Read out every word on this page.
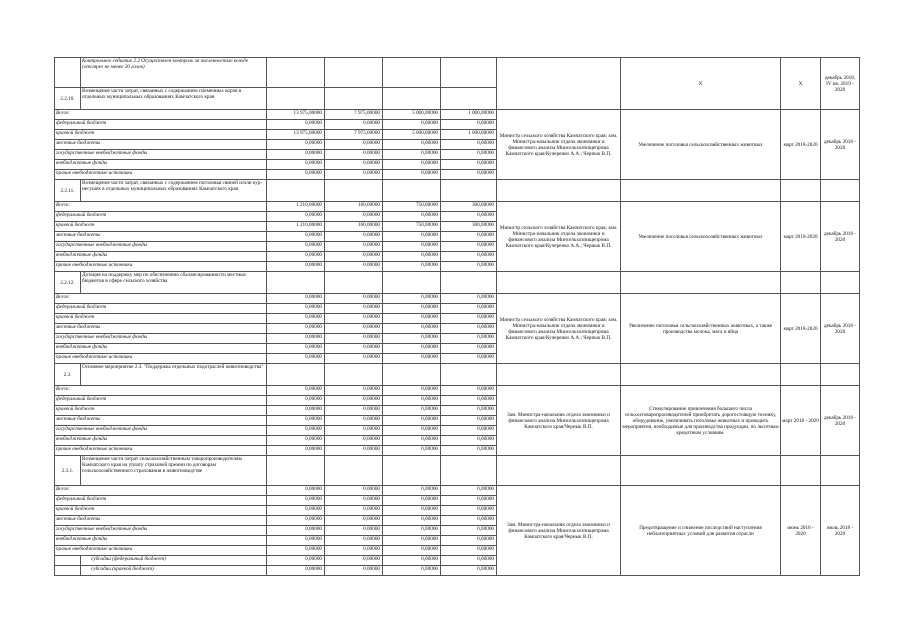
	Контрольное событие 2.2 Осуществлен контроль за численностью козоде (отстрел не менее 20 голов)						Х	Х	декабрь 2018, IV кв. 2019 - 2020
2.2.10.	Возмещение части затрат, связанных с содержанием племенных коров в отдельных муниципальных образованиях Камчатского края								
Всего:		13 975,00000	7 975,00000	5 000,00000	1 000,00000	Министр сельского хозяйства Камчатского края; зам. Министра-начальник отдела экономики и финансового анализа Минсельхозпищепрома Камчатского края/Кучеренко А.А.; Чернык В.П.	Увеличение поголовья сельскохозяйственных животных	март 2018-2020	декабрь 2018 - 2020
федеральный бюджет		0,00000	0,00000	0,00000	0,00000				
краевой бюджет		13 975,00000	7 975,00000	5 000,00000	1 000,00000				
местные бюджеты		0,00000	0,00000	0,00000	0,00000				
государственные внебюджетные фонды		0,00000	0,00000	0,00000	0,00000				
внебюджетные фонды		0,00000	0,00000	0,00000	0,00000				
прочие внебюджетные источники		0,00000	0,00000	0,00000	0,00000				
2.2.11.	Возмещение части затрат, связанных с содержанием поголовья свиней и/или кур-несушек в отдельных муниципальных образованиях Камчатского края								
Всего:		1 210,00000	160,00000	750,00000	300,00000	Министр сельского хозяйства Камчатского края, зам. Министра-начальник отдела экономики и финансового анализа Минсельхозпищепрома Камчатского края/Кучеренко А.А.; Чернык В.П.	Увеличение поголовья сельскохозяйственных животных	март 2018-2020	декабрь 2018 - 2020
федеральный бюджет		0,00000	0,00000	0,00000	0,00000				
краевой бюджет		1 210,00000	160,00000	750,00000	300,00000				
местные бюджеты		0,00000	0,00000	0,00000	0,00000				
государственные внебюджетные фонды		0,00000	0,00000	0,00000	0,00000				
внебюджетные фонды		0,00000	0,00000	0,00000	0,00000				
прочие внебюджетные источники		0,00000	0,00000	0,00000	0,00000				
2.2.12.	Дотация на поддержку мер по обеспечению сбалансированности местных бюджетов в сфере сельского хозяйства								
Всего:		0,00000	0,00000	0,00000	0,00000	Министр сельского хозяйства Камчатского края; зам. Министра-начальник отдела экономики и финансового анализа Минсельхозпищепрома Камчатского края/Кучеренко А.А.; Чернык В.П.	Увеличение поголовья сельскохозяйственных животных, а также производства молока, мяса и яйца	март 2018-2020	декабрь 2018 - 2020
федеральный бюджет		0,00000	0,00000	0,00000	0,00000				
краевой бюджет		0,00000	0,00000	0,00000	0,00000				
местные бюджеты		0,00000	0,00000	0,00000	0,00000				
государственные внебюджетные фонды		0,00000	0,00000	0,00000	0,00000				
внебюджетные фонды		0,00000	0,00000	0,00000	0,00000				
прочие внебюджетные источники		0,00000	0,00000	0,00000	0,00000				
2.3.	Основное мероприятие 2.3. "Поддержка отдельных подотраслей животноводства"								
Всего:		0,00000	0,00000	0,00000	0,00000	Зам. Министра-начальник отдела экономики и финансового анализа Минсельхозпищепрома Камчатского края/Чернык В.П.	Стимулирование привлечения большего числа сельхозтоваропроизводителей приобретать дорогостоящую технику, оборудование, увеличивать поголовье животных и проводить мероприятия, необходимые для производства продукции, по льготным кредитным условиям.	март 2018 - 2020	декабрь 2018 - 2020
федеральный бюджет		0,00000	0,00000	0,00000	0,00000				
краевой бюджет		0,00000	0,00000	0,00000	0,00000				
местные бюджеты		0,00000	0,00000	0,00000	0,00000				
государственные внебюджетные фонды		0,00000	0,00000	0,00000	0,00000				
внебюджетные фонды		0,00000	0,00000	0,00000	0,00000				
прочие внебюджетные источники		0,00000	0,00000	0,00000	0,00000				
2.3.1.	Возмещение части затрат сельскохозяйственным товаропроизводителям Камчатского края на уплату страховой премии по договорам сельскохозяйственного страхования в животноводстве								
Всего:		0,00000	0,00000	0,00000	0,00000	Зам. Министра-начальник отдела экономики и финансового анализа Минсельхозпищепрома Камчатского края/Чернык В.П.	Предотвращение и снижение последствий наступления неблагоприятных условий для развития отрасли	июнь 2018 - 2020	июль 2018 - 2020
федеральный бюджет		0,00000	0,00000	0,00000	0,00000				
краевой бюджет		0,00000	0,00000	0,00000	0,00000				
местные бюджеты		0,00000	0,00000	0,00000	0,00000				
государственные внебюджетные фонды		0,00000	0,00000	0,00000	0,00000				
внебюджетные фонды		0,00000	0,00000	0,00000	0,00000				
прочие внебюджетные источники		0,00000	0,00000	0,00000	0,00000				
	субсидии (федеральный бюджет)	0,00000	0,00000	0,00000	0,00000				
	субсидии (краевой бюджет)	0,00000	0,00000	0,00000	0,00000				
